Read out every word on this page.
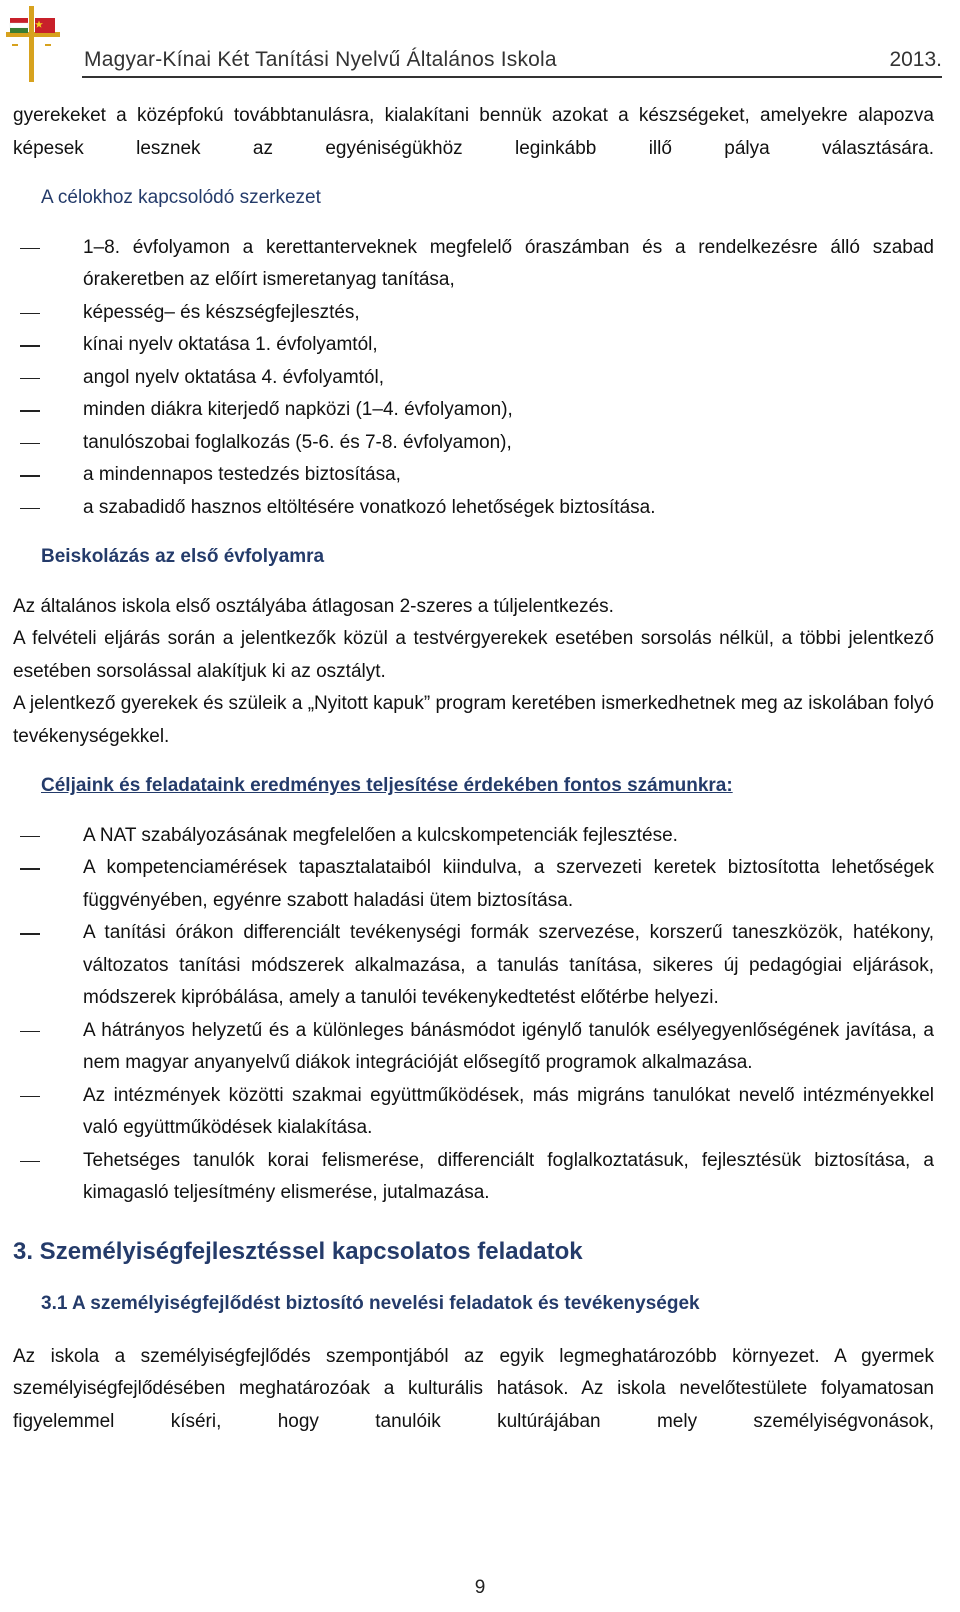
Magyar-Kínai Két Tanítási Nyelvű Általános Iskola	2013.

gyerekeket a középfokú továbbtanulásra, kialakítani bennük azokat a készségeket, amelyekre alapozva képesek lesznek az egyéniségükhöz leginkább illő pálya választására.

A célokhoz kapcsolódó szerkezet

1–8. évfolyamon a kerettanterveknek megfelelő óraszámban és a rendelkezésre álló szabad órakeretben az előírt ismeretanyag tanítása,
képesség– és készségfejlesztés,
kínai nyelv oktatása 1. évfolyamtól,
angol nyelv oktatása 4. évfolyamtól,
minden diákra kiterjedő napközi (1–4. évfolyamon),
tanulószobai foglalkozás (5-6. és 7-8. évfolyamon),
a mindennapos testedzés biztosítása,
a szabadidő hasznos eltöltésére vonatkozó lehetőségek biztosítása.

Beiskolázás az első évfolyamra

Az általános iskola első osztályába átlagosan 2-szeres a túljelentkezés.

A felvételi eljárás során a jelentkezők közül a testvérgyerekek esetében sorsolás nélkül, a többi jelentkező esetében sorsolással alakítjuk ki az osztályt.

A jelentkező gyerekek és szüleik a „Nyitott kapuk” program keretében ismerkedhetnek meg az iskolában folyó tevékenységekkel.

Céljaink és feladataink eredményes teljesítése érdekében fontos számunkra:

A NAT szabályozásának megfelelően a kulcskompetenciák fejlesztése.
A kompetenciamérések tapasztalataiból kiindulva, a szervezeti keretek biztosította lehetőségek függvényében, egyénre szabott haladási ütem biztosítása.
A tanítási órákon differenciált tevékenységi formák szervezése, korszerű taneszközök, hatékony, változatos tanítási módszerek alkalmazása, a tanulás tanítása, sikeres új pedagógiai eljárások, módszerek kipróbálása, amely a tanulói tevékenykedtetést előtérbe helyezi.
A hátrányos helyzetű és a különleges bánásmódot igénylő tanulók esélyegyenlőségének javítása, a nem magyar anyanyelvű diákok integrációját elősegítő programok alkalmazása.
Az intézmények közötti szakmai együttműködések, más migráns tanulókat nevelő intézményekkel való együttműködések kialakítása.
Tehetséges tanulók korai felismerése, differenciált foglalkoztatásuk, fejlesztésük biztosítása, a kimagasló teljesítmény elismerése, jutalmazása.

3. Személyiségfejlesztéssel kapcsolatos feladatok

3.1 A személyiségfejlődést biztosító nevelési feladatok és tevékenységek

Az iskola a személyiségfejlődés szempontjából az egyik legmeghatározóbb környezet. A gyermek személyiségfejlődésében meghatározóak a kulturális hatások. Az iskola nevelőtestülete folyamatosan figyelemmel kíséri, hogy tanulóik kultúrájában mely személyiségvonások,

9
